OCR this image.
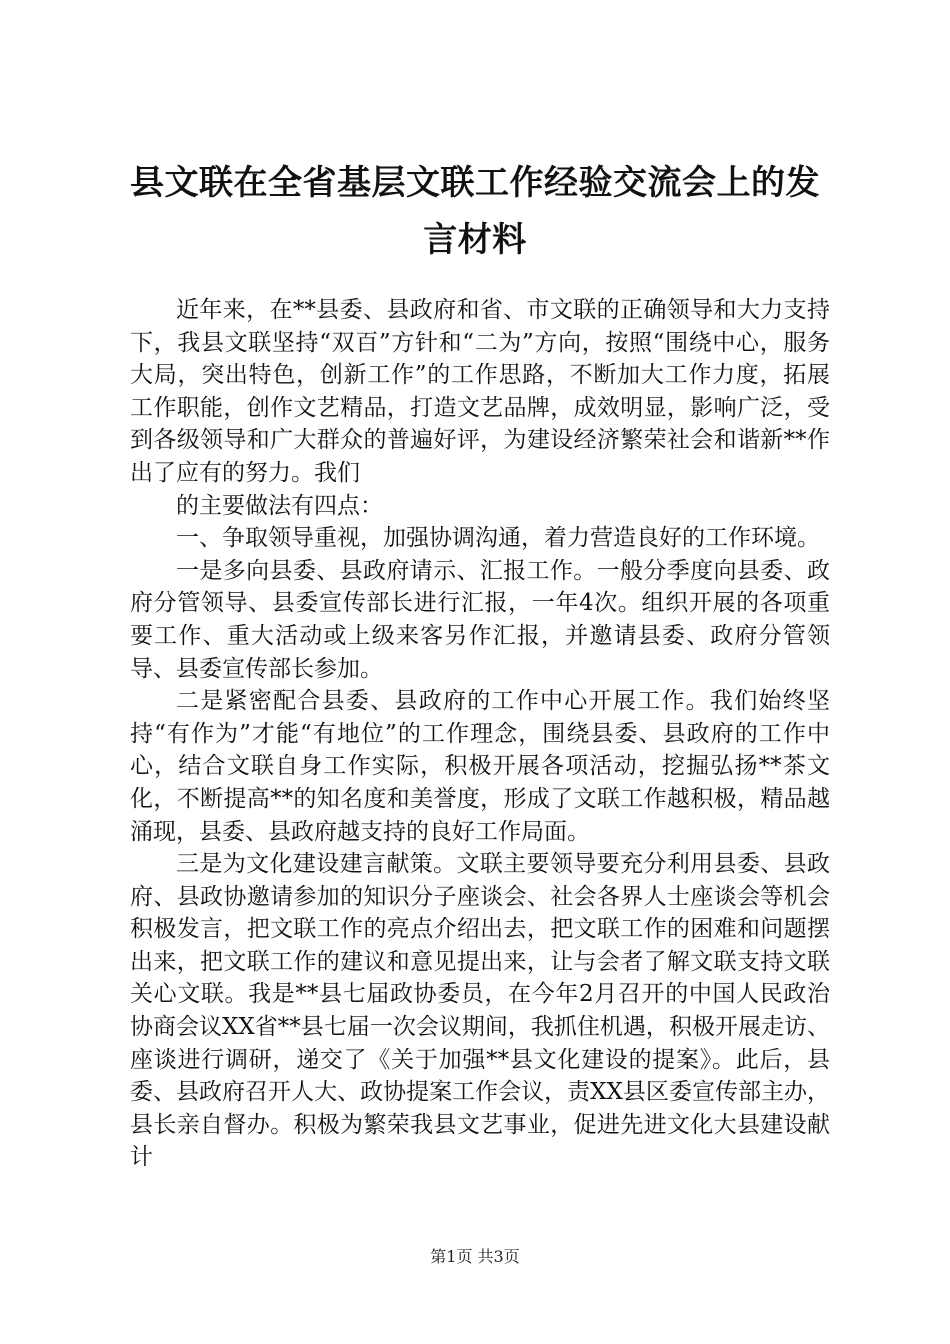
县文联在全省基层文联工作经验交流会上的发
言材料

近年来，在**县委、县政府和省、市文联的正确领导和大力支持下，我县文联坚持“双百”方针和“二为”方向，按照“围绕中心，服务大局，突出特色，创新工作”的工作思路，不断加大工作力度，拓展工作职能，创作文艺精品，打造文艺品牌，成效明显，影响广泛，受到各级领导和广大群众的普遍好评，为建设经济繁荣社会和谐新**作出了应有的努力。我们

的主要做法有四点：

一、争取领导重视，加强协调沟通，着力营造良好的工作环境。

一是多向县委、县政府请示、汇报工作。一般分季度向县委、政府分管领导、县委宣传部长进行汇报，一年4次。组织开展的各项重要工作、重大活动或上级来客另作汇报，并邀请县委、政府分管领导、县委宣传部长参加。

二是紧密配合县委、县政府的工作中心开展工作。我们始终坚持“有作为”才能“有地位”的工作理念，围绕县委、县政府的工作中心，结合文联自身工作实际，积极开展各项活动，挖掘弘扬**茶文化，不断提高**的知名度和美誉度，形成了文联工作越积极，精品越涌现，县委、县政府越支持的良好工作局面。

三是为文化建设建言献策。文联主要领导要充分利用县委、县政府、县政协邀请参加的知识分子座谈会、社会各界人士座谈会等机会积极发言，把文联工作的亮点介绍出去，把文联工作的困难和问题摆出来，把文联工作的建议和意见提出来，让与会者了解文联支持文联关心文联。我是**县七届政协委员，在今年2月召开的中国人民政治协商会议XX省**县七届一次会议期间，我抓住机遇，积极开展走访、座谈进行调研，递交了《关于加强**县文化建设的提案》。此后，县委、县政府召开人大、政协提案工作会议，责XX县区委宣传部主办，县长亲自督办。积极为繁荣我县文艺事业，促进先进文化大县建设献计

第1页 共3页
